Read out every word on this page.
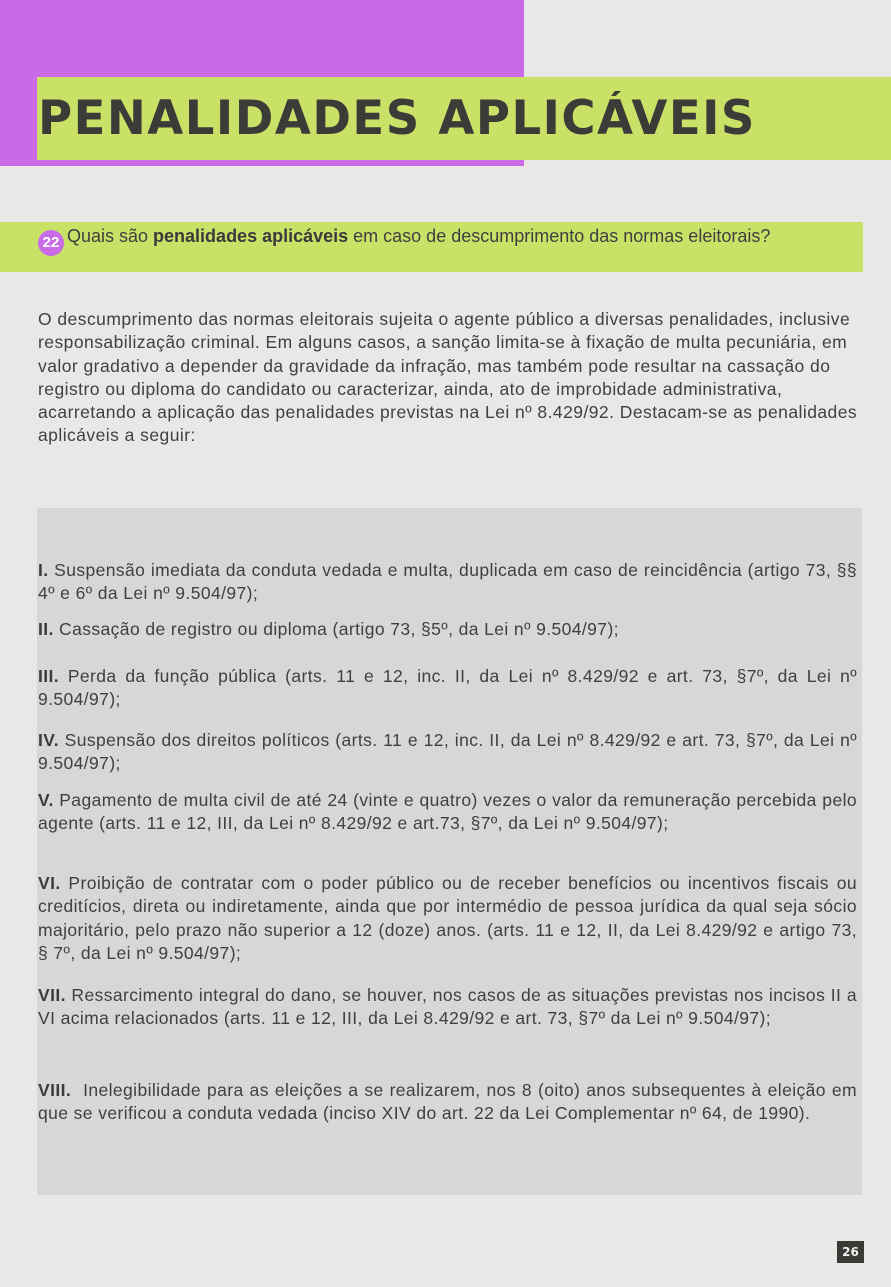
PENALIDADES APLICÁVEIS

22 Quais são penalidades aplicáveis em caso de descumprimento das normas eleitorais?

O descumprimento das normas eleitorais sujeita o agente público a diversas penalidades, inclusive responsabilização criminal. Em alguns casos, a sanção limita-se à fixação de multa pecuniária, em valor gradativo a depender da gravidade da infração, mas também pode resultar na cassação do registro ou diploma do candidato ou caracterizar, ainda, ato de improbidade administrativa, acarretando a aplicação das penalidades previstas na Lei nº 8.429/92. Destacam-se as penalidades aplicáveis a seguir:

I. Suspensão imediata da conduta vedada e multa, duplicada em caso de reincidência (artigo 73, §§ 4º e 6º da Lei nº 9.504/97);

II. Cassação de registro ou diploma (artigo 73, §5º, da Lei nº 9.504/97);

III. Perda da função pública (arts. 11 e 12, inc. II, da Lei nº 8.429/92 e art. 73, §7º, da Lei nº 9.504/97);

IV. Suspensão dos direitos políticos (arts. 11 e 12, inc. II, da Lei nº 8.429/92 e art. 73, §7º, da Lei nº 9.504/97);

V. Pagamento de multa civil de até 24 (vinte e quatro) vezes o valor da remuneração percebida pelo agente (arts. 11 e 12, III, da Lei nº 8.429/92 e art.73, §7º, da Lei nº 9.504/97);

VI. Proibição de contratar com o poder público ou de receber benefícios ou incentivos fiscais ou creditícios, direta ou indiretamente, ainda que por intermédio de pessoa jurídica da qual seja sócio majoritário, pelo prazo não superior a 12 (doze) anos. (arts. 11 e 12, II, da Lei 8.429/92 e artigo 73, § 7º, da Lei nº 9.504/97);

VII. Ressarcimento integral do dano, se houver, nos casos de as situações previstas nos incisos II a VI acima relacionados (arts. 11 e 12, III, da Lei 8.429/92 e art. 73, §7º da Lei nº 9.504/97);

VIII.  Inelegibilidade para as eleições a se realizarem, nos 8 (oito) anos subsequentes à eleição em que se verificou a conduta vedada (inciso XIV do art. 22 da Lei Complementar nº 64, de 1990).

26
